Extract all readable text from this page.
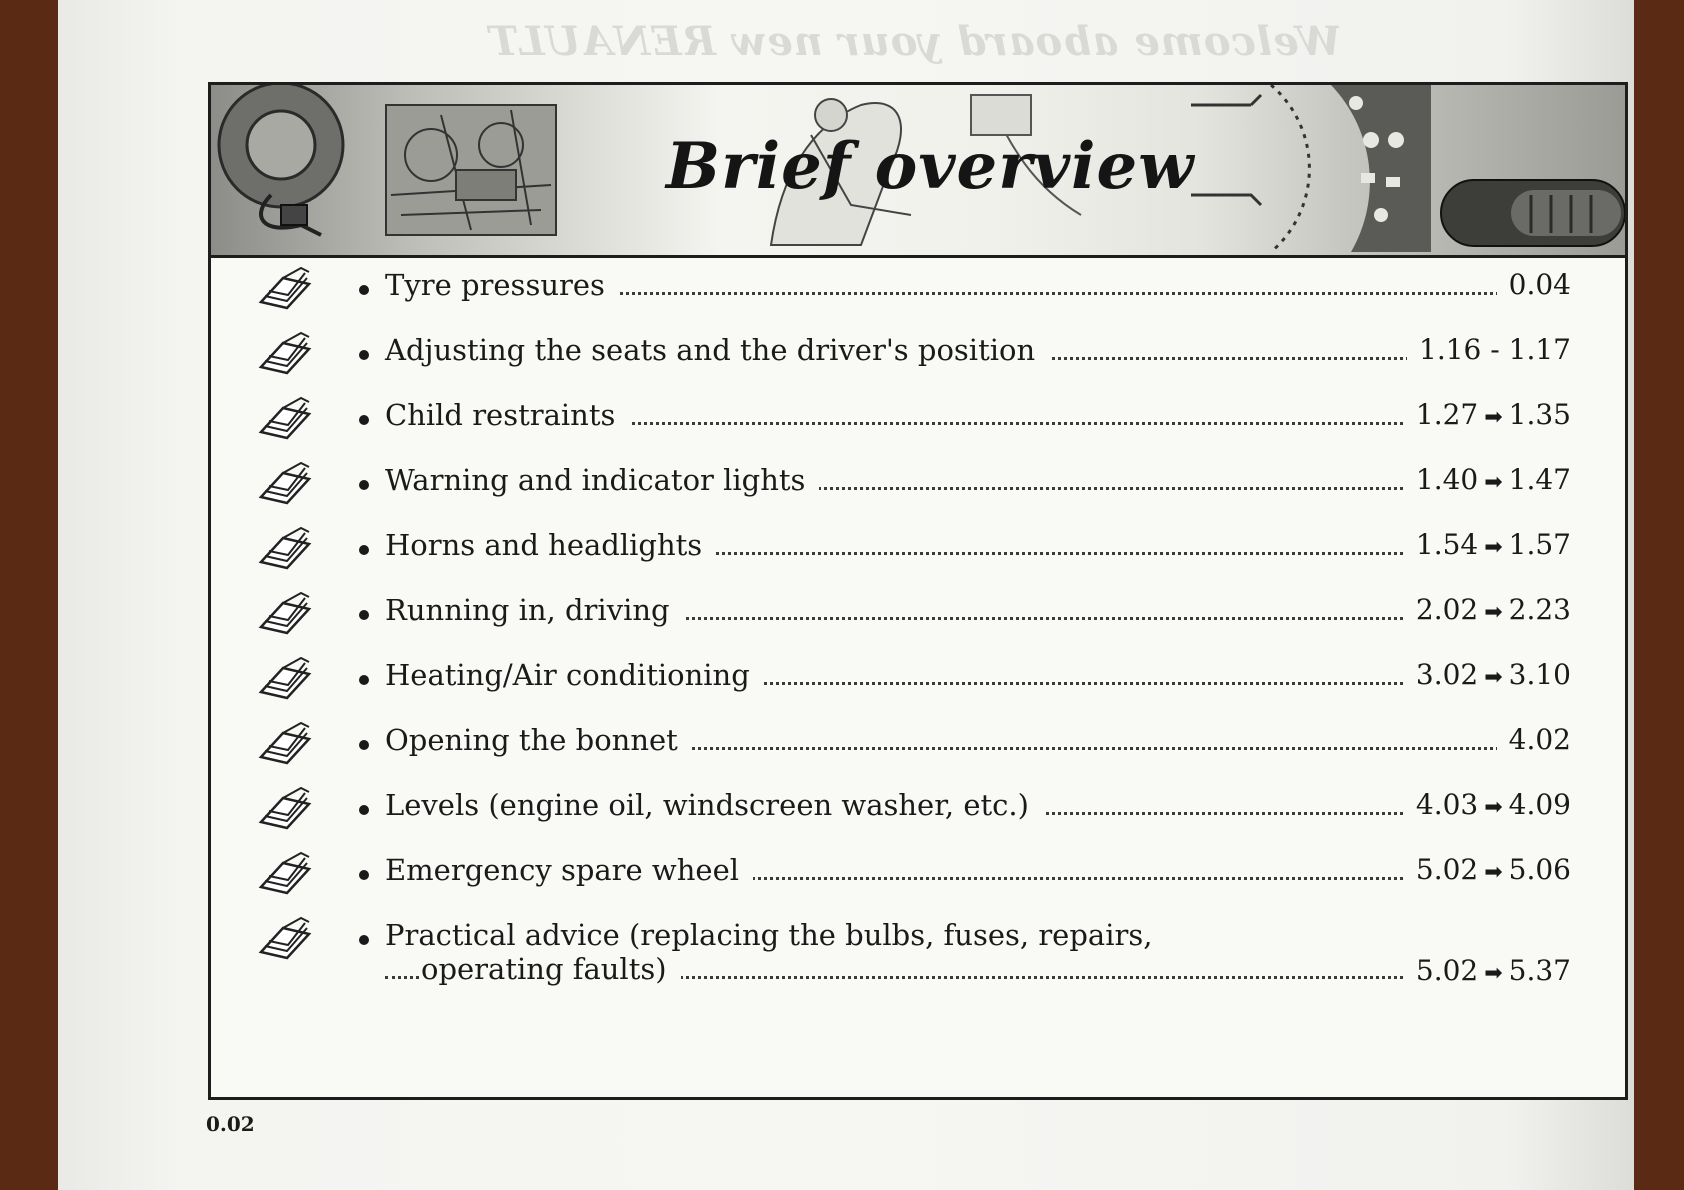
Welcome aboard your new RENAULT
Brief overview
Tyre pressures	0.04
Adjusting the seats and the driver's position	1.16 - 1.17
Child restraints	1.27 ➡ 1.35
Warning and indicator lights	1.40 ➡ 1.47
Horns and headlights	1.54 ➡ 1.57
Running in, driving	2.02 ➡ 2.23
Heating/Air conditioning	3.02 ➡ 3.10
Opening the bonnet	4.02
Levels (engine oil, windscreen washer, etc.)	4.03 ➡ 4.09
Emergency spare wheel	5.02 ➡ 5.06
Practical advice (replacing the bulbs, fuses, repairs,
operating faults)	5.02 ➡ 5.37
0.02
